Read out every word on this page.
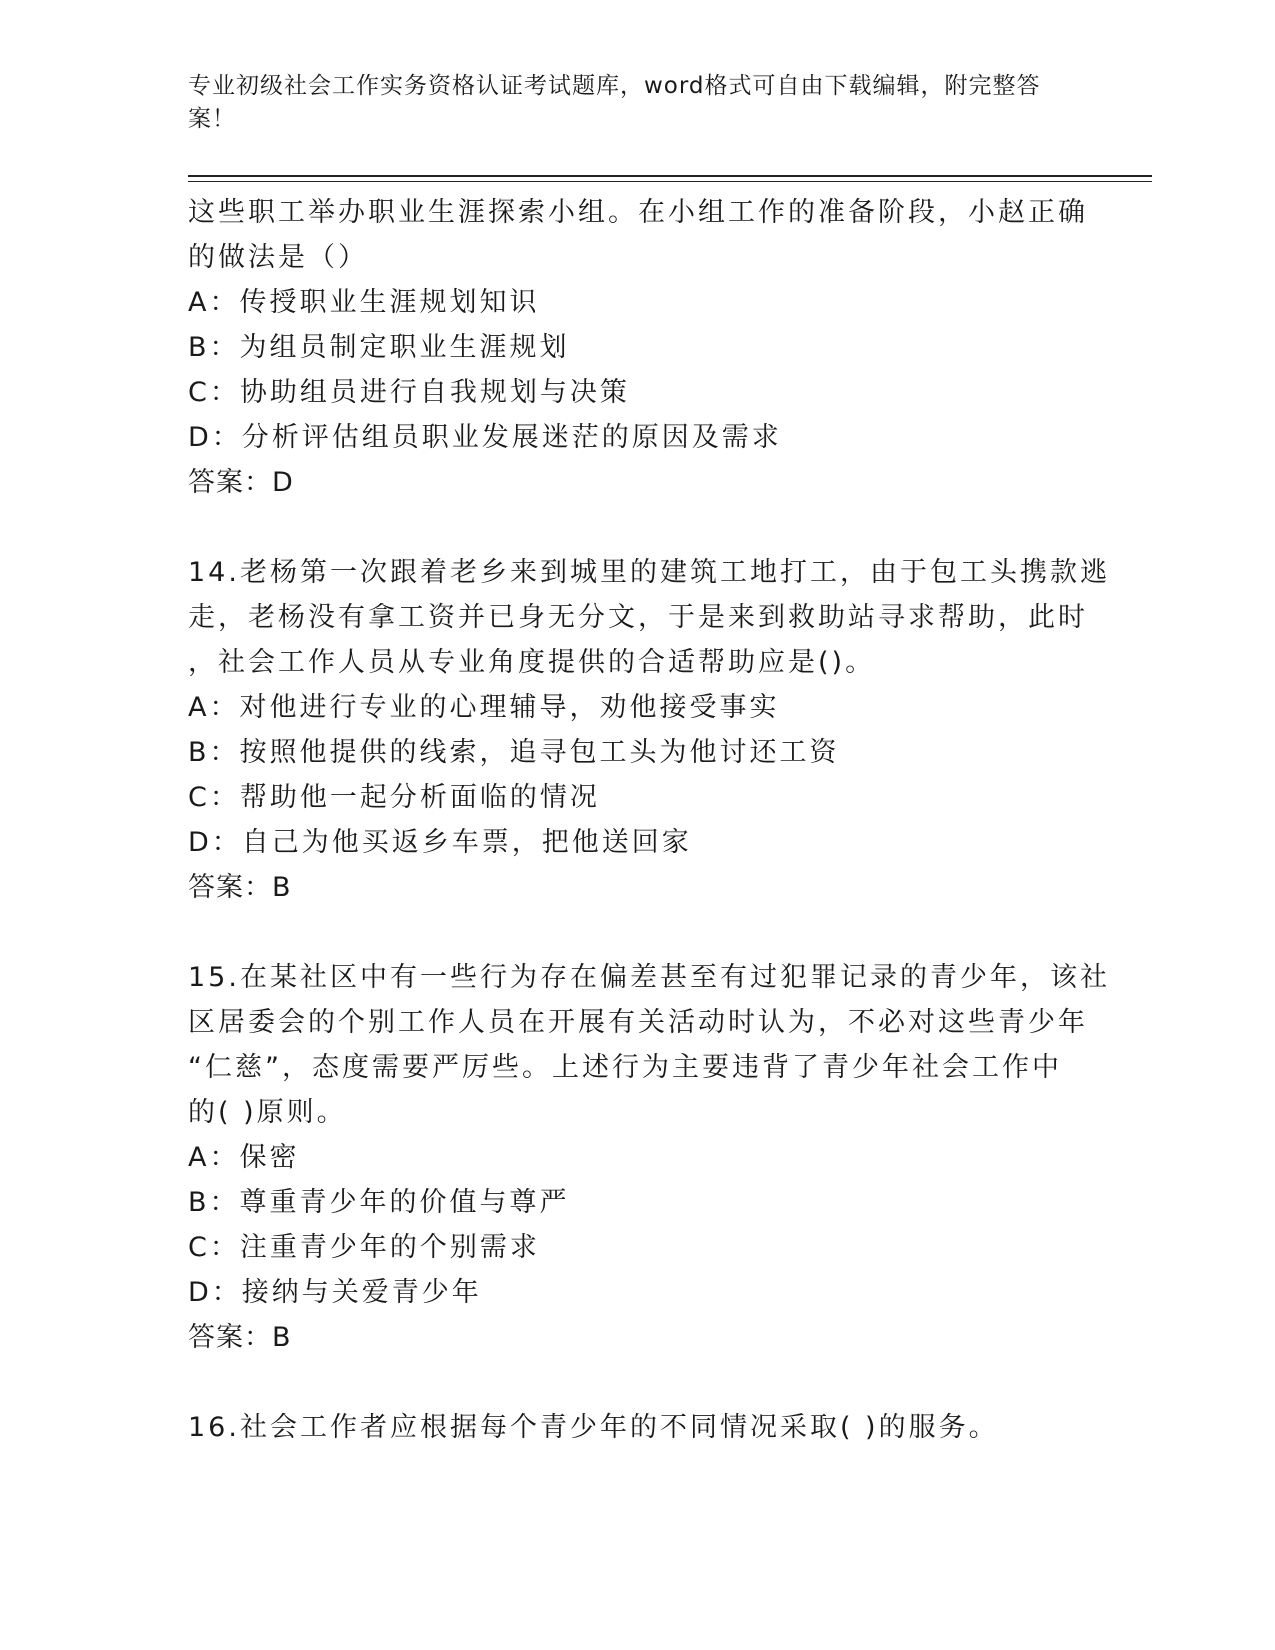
专业初级社会工作实务资格认证考试题库，word格式可自由下载编辑，附完整答
案！
这些职工举办职业生涯探索小组。在小组工作的准备阶段，小赵正确
的做法是（）
A：传授职业生涯规划知识
B：为组员制定职业生涯规划
C：协助组员进行自我规划与决策
D：分析评估组员职业发展迷茫的原因及需求
答案：D
14.老杨第一次跟着老乡来到城里的建筑工地打工，由于包工头携款逃
走，老杨没有拿工资并已身无分文，于是来到救助站寻求帮助，此时
，社会工作人员从专业角度提供的合适帮助应是()。
A：对他进行专业的心理辅导，劝他接受事实
B：按照他提供的线索，追寻包工头为他讨还工资
C：帮助他一起分析面临的情况
D：自己为他买返乡车票，把他送回家
答案：B
15.在某社区中有一些行为存在偏差甚至有过犯罪记录的青少年，该社
区居委会的个别工作人员在开展有关活动时认为，不必对这些青少年
“仁慈”，态度需要严厉些。上述行为主要违背了青少年社会工作中
的( )原则。
A：保密
B：尊重青少年的价值与尊严
C：注重青少年的个别需求
D：接纳与关爱青少年
答案：B
16.社会工作者应根据每个青少年的不同情况采取( )的服务。
